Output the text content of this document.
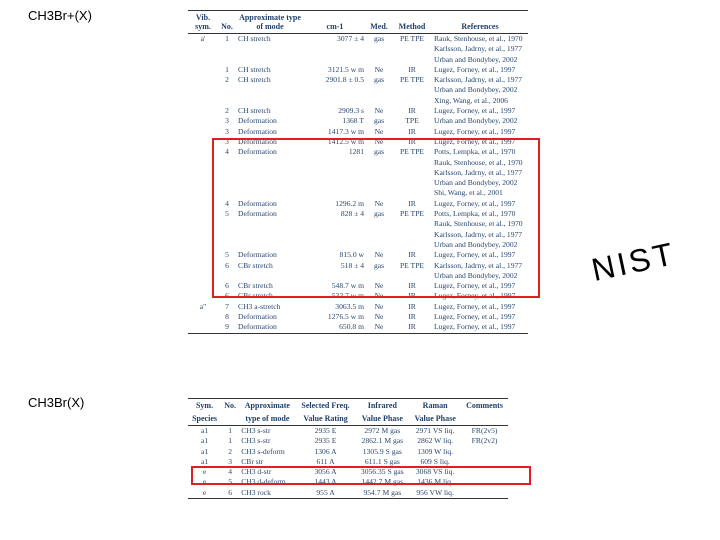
CH3Br+(X)
CH3Br(X)
NIST
Vib. sym.	No.	Approximate type of mode	cm-1	Med.	Method	References
a'	1	CH stretch	3077 ± 4	gas	PE TPE	Rauk, Stenhouse, et al., 1970
Karlsson, Jadrny, et al., 1977
Urban and Bondybey, 2002

	1	CH stretch	3121.5 w m	Ne	IR	Lugez, Forney, et al., 1997

	2	CH stretch	2901.8 ± 0.5	gas	PE TPE	Karlsson, Jadrny, et al., 1977
Urban and Bondybey, 2002
Xing, Wang, et al., 2006

	2	CH stretch	2909.3 s	Ne	IR	Lugez, Forney, et al., 1997

	3	Deformation	1368 T	gas	TPE	Urban and Bondybey, 2002

	3	Deformation	1417.3 w m	Ne	IR	Lugez, Forney, et al., 1997

	3	Deformation	1412.5 w m	Ne	IR	Lugez, Forney, et al., 1997

	4	Deformation	1281	gas	PE TPE	Potts, Lempka, et al., 1970
Rauk, Stenhouse, et al., 1970
Karlsson, Jadrny, et al., 1977
Urban and Bondybey, 2002
Shi, Wang, et al., 2001

	4	Deformation	1296.2 m	Ne	IR	Lugez, Forney, et al., 1997

	5	Deformation	828 ± 4	gas	PE TPE	Potts, Lempka, et al., 1970
Rauk, Stenhouse, et al., 1970
Karlsson, Jadrny, et al., 1977
Urban and Bondybey, 2002

	5	Deformation	815.0 w	Ne	IR	Lugez, Forney, et al., 1997

	6	CBr stretch	518 ± 4	gas	PE TPE	Karlsson, Jadrny, et al., 1977
Urban and Bondybey, 2002

	6	CBr stretch	548.7 w m	Ne	IR	Lugez, Forney, et al., 1997

	6	CBr stretch	532.7 w m	Ne	IR	Lugez, Forney, et al., 1997

a"	7	CH3 a-stretch	3063.5 m	Ne	IR	Lugez, Forney, et al., 1997

	8	Deformation	1276.5 w m	Ne	IR	Lugez, Forney, et al., 1997

	9	Deformation	650.8 m	Ne	IR	Lugez, Forney, et al., 1997
Sym.	No.	Approximate	Selected Freq.	Infrared	Raman	Comments
Species		type of mode	Value Rating	Value Phase	Value Phase	
a1	1	CH3 s-str	2935 E	2972 M gas	2971 VS liq.	FR(2v5)
a1	1	CH3 s-str	2935 E	2862.1 M gas	2862 W liq.	FR(2v2)
a1	2	CH3 s-deform	1306 A	1305.9 S gas	1309 W liq.	
a1	3	CBr str	611 A	611.1 S gas	609 S liq.	
e	4	CH3 d-str	3056 A	3056.35 S gas	3068 VS liq.	
e	5	CH3 d-deform	1443 A	1442.7 M gas	1436 M liq.	
e	6	CH3 rock	955 A	954.7 M gas	956 VW liq.	
